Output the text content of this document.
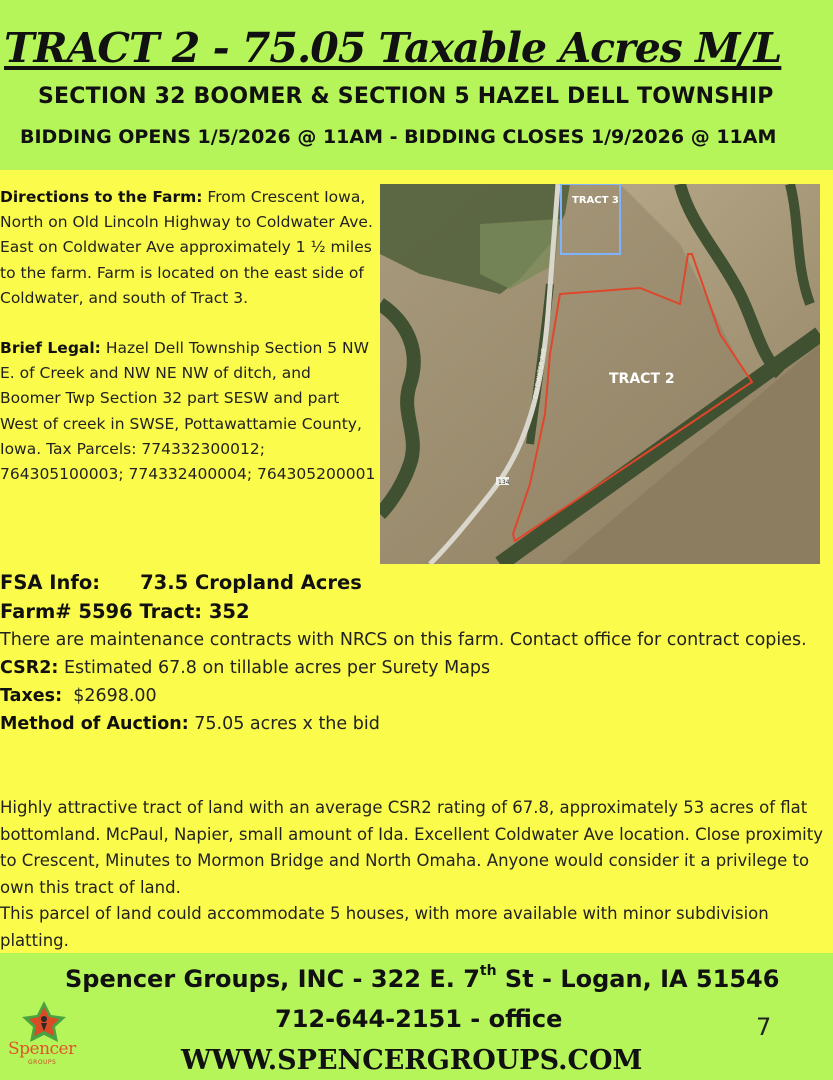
TRACT 2 - 75.05 Taxable Acres M/L
SECTION 32 BOOMER & SECTION 5 HAZEL DELL TOWNSHIP
BIDDING OPENS 1/5/2026 @ 11AM - BIDDING CLOSES 1/9/2026 @ 11AM

Directions to the Farm: From Crescent Iowa, North on Old Lincoln Highway to Coldwater Ave. East on Coldwater Ave approximately 1 ½ miles to the farm. Farm is located on the east side of Coldwater, and south of Tract 3.

Brief Legal: Hazel Dell Township Section 5 NW E. of Creek and NW NE NW of ditch, and Boomer Twp Section 32 part SESW and part West of creek in SWSE, Pottawattamie County, Iowa. Tax Parcels: 774332300012; 764305100003; 774332400004; 764305200001

COLDWATER AVE
134
TRACT 3
TRACT 2
FSA Info: 73.5 Cropland Acres
Farm# 5596 Tract: 352
There are maintenance contracts with NRCS on this farm. Contact office for contract copies.
CSR2: Estimated 67.8 on tillable acres per Surety Maps
Taxes:  $2698.00
Method of Auction: 75.05 acres x the bid
Highly attractive tract of land with an average CSR2 rating of 67.8, approximately 53 acres of flat bottomland. McPaul, Napier, small amount of Ida. Excellent Coldwater Ave location. Close proximity to Crescent, Minutes to Mormon Bridge and North Omaha. Anyone would consider it a privilege to own this tract of land.
This parcel of land could accommodate 5 houses, with more available with minor subdivision platting.
Spencer
GROUPS
Spencer Groups, INC - 322 E. 7th St - Logan, IA 51546
712-644-2151 - office	7
WWW.SPENCERGROUPS.COM
